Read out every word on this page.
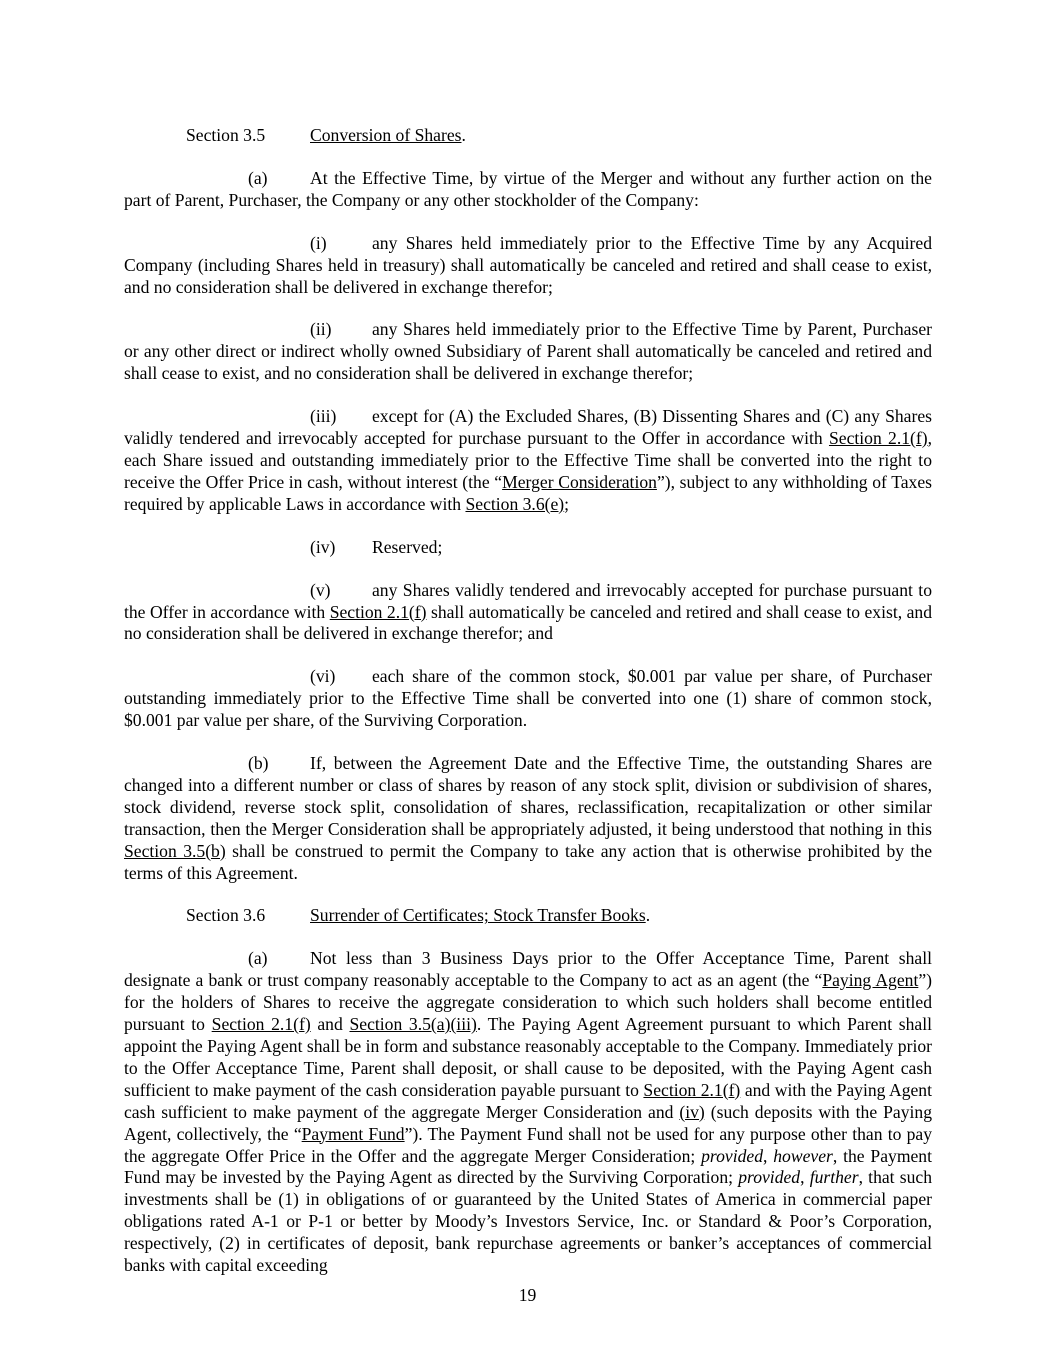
Section 3.5	Conversion of Shares.

(a) At the Effective Time, by virtue of the Merger and without any further action on the part of Parent, Purchaser, the Company or any other stockholder of the Company:

(i)	any Shares held immediately prior to the Effective Time by any Acquired Company (including Shares held in treasury) shall automatically be canceled and retired and shall cease to exist, and no consideration shall be delivered in exchange therefor;

(ii) any Shares held immediately prior to the Effective Time by Parent, Purchaser or any other direct or indirect wholly owned Subsidiary of Parent shall automatically be canceled and retired and shall cease to exist, and no consideration shall be delivered in exchange therefor;

(iii) except for (A) the Excluded Shares, (B) Dissenting Shares and (C) any Shares validly tendered and irrevocably accepted for purchase pursuant to the Offer in accordance with Section 2.1(f), each Share issued and outstanding immediately prior to the Effective Time shall be converted into the right to receive the Offer Price in cash, without interest (the “Merger Consideration”), subject to any withholding of Taxes required by applicable Laws in accordance with Section 3.6(e);

(iv) Reserved;

(v) any Shares validly tendered and irrevocably accepted for purchase pursuant to the Offer in accordance with Section 2.1(f) shall automatically be canceled and retired and shall cease to exist, and no consideration shall be delivered in exchange therefor; and

(vi) each share of the common stock, $0.001 par value per share, of Purchaser outstanding immediately prior to the Effective Time shall be converted into one (1) share of common stock, $0.001 par value per share, of the Surviving Corporation.

(b) If, between the Agreement Date and the Effective Time, the outstanding Shares are changed into a different number or class of shares by reason of any stock split, division or subdivision of shares, stock dividend, reverse stock split, consolidation of shares, reclassification, recapitalization or other similar transaction, then the Merger Consideration shall be appropriately adjusted, it being understood that nothing in this Section 3.5(b) shall be construed to permit the Company to take any action that is otherwise prohibited by the terms of this Agreement.

Section 3.6	Surrender of Certificates; Stock Transfer Books.

(a) Not less than 3 Business Days prior to the Offer Acceptance Time, Parent shall designate a bank or trust company reasonably acceptable to the Company to act as an agent (the “Paying Agent”) for the holders of Shares to receive the aggregate consideration to which such holders shall become entitled pursuant to Section 2.1(f) and Section 3.5(a)(iii). The Paying Agent Agreement pursuant to which Parent shall appoint the Paying Agent shall be in form and substance reasonably acceptable to the Company. Immediately prior to the Offer Acceptance Time, Parent shall deposit, or shall cause to be deposited, with the Paying Agent cash sufficient to make payment of the cash consideration payable pursuant to Section 2.1(f) and with the Paying Agent cash sufficient to make payment of the aggregate Merger Consideration and (iv) (such deposits with the Paying Agent, collectively, the “Payment Fund”). The Payment Fund shall not be used for any purpose other than to pay the aggregate Offer Price in the Offer and the aggregate Merger Consideration; provided, however, the Payment Fund may be invested by the Paying Agent as directed by the Surviving Corporation; provided, further, that such investments shall be (1) in obligations of or guaranteed by the United States of America in commercial paper obligations rated A-1 or P-1 or better by Moody’s Investors Service, Inc. or Standard & Poor’s Corporation, respectively, (2) in certificates of deposit, bank repurchase agreements or banker’s acceptances of commercial banks with capital exceeding

19
